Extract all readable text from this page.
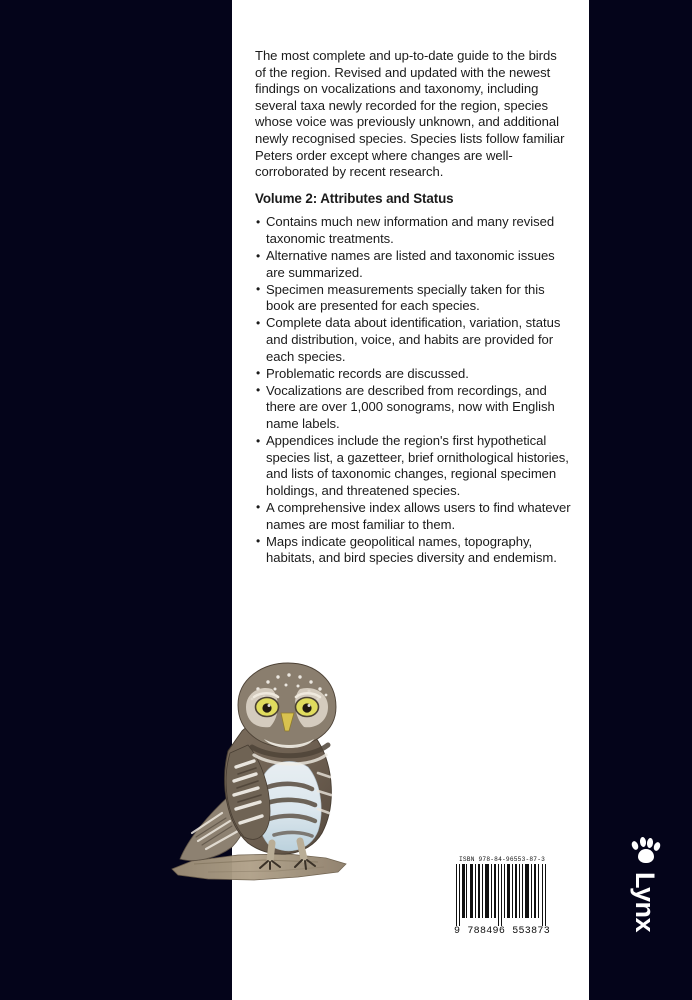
The most complete and up-to-date guide to the birds of the region. Revised and updated with the newest findings on vocalizations and taxonomy, including several taxa newly recorded for the region, species whose voice was previously unknown, and additional newly recognised species. Species lists follow familiar Peters order except where changes are well-corroborated by recent research.

Volume 2: Attributes and Status
• Contains much new information and many revised taxonomic treatments.
• Alternative names are listed and taxonomic issues are summarized.
• Specimen measurements specially taken for this book are presented for each species.
• Complete data about identification, variation, status and distribution, voice, and habits are provided for each species.
• Problematic records are discussed.
• Vocalizations are described from recordings, and there are over 1,000 sonograms, now with English name labels.
• Appendices include the region's first hypothetical species list, a gazetteer, brief ornithological histories, and lists of taxonomic changes, regional specimen holdings, and threatened species.
• A comprehensive index allows users to find whatever names are most familiar to them.
• Maps indicate geopolitical names, topography, habitats, and bird species diversity and endemism.
ISBN 978-84-96553-87-3
9 788496 553873	Lynx
